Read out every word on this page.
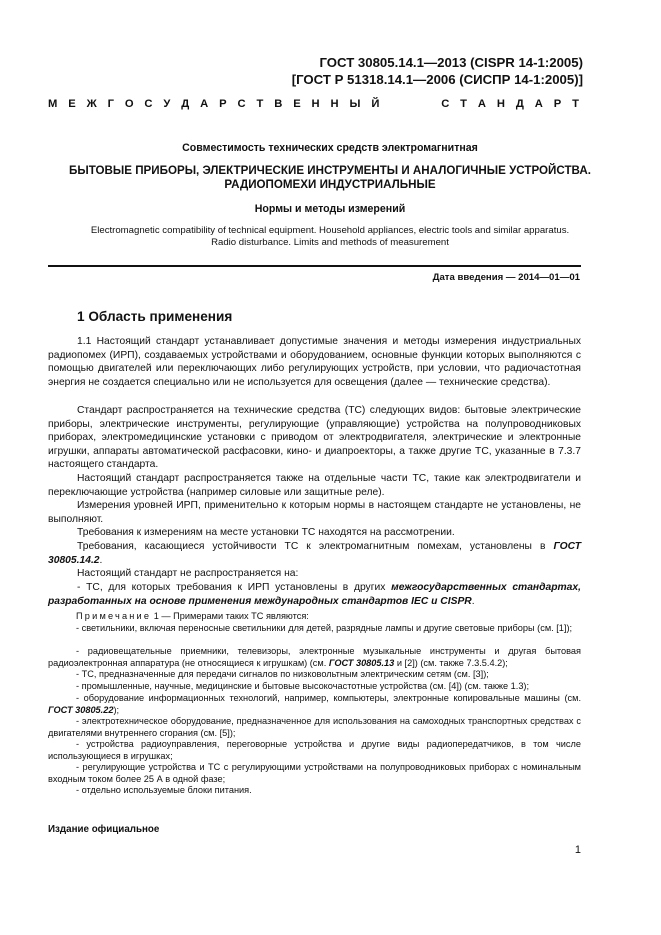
ГОСТ 30805.14.1—2013 (CISPR 14-1:2005)
[ГОСТ Р 51318.14.1—2006 (СИСПР 14-1:2005)]
М Е Ж Г О С У Д А Р С Т В Е Н Н Ы Й	С Т А Н Д А Р Т
Совместимость технических средств электромагнитная
БЫТОВЫЕ ПРИБОРЫ, ЭЛЕКТРИЧЕСКИЕ ИНСТРУМЕНТЫ И АНАЛОГИЧНЫЕ УСТРОЙСТВА.
РАДИОПОМЕХИ ИНДУСТРИАЛЬНЫЕ
Нормы и методы измерений
Electromagnetic compatibility of technical equipment. Household appliances, electric tools and similar apparatus.
Radio disturbance. Limits and methods of measurement
Дата введения — 2014—01—01
1 Область применения
1.1 Настоящий стандарт устанавливает допустимые значения и методы измерения индустриальных радиопомех (ИРП), создаваемых устройствами и оборудованием, основные функции которых выполняются с помощью двигателей или переключающих либо регулирующих устройств, при условии, что радиочастотная энергия не создается специально или не используется для освещения (далее — технические средства).
Стандарт распространяется на технические средства (ТС) следующих видов: бытовые электрические приборы, электрические инструменты, регулирующие (управляющие) устройства на полупроводниковых приборах, электромедицинские установки с приводом от электродвигателя, электрические и электронные игрушки, аппараты автоматической расфасовки, кино- и диапроекторы, а также другие ТС, указанные в 7.3.7 настоящего стандарта.
Настоящий стандарт распространяется также на отдельные части ТС, такие как электродвигатели и переключающие устройства (например силовые или защитные реле).
Измерения уровней ИРП, применительно к которым нормы в настоящем стандарте не установлены, не выполняют.
Требования к измерениям на месте установки ТС находятся на рассмотрении.
Требования, касающиеся устойчивости ТС к электромагнитным помехам, установлены в ГОСТ 30805.14.2.
Настоящий стандарт не распространяется на:
- ТС, для которых требования к ИРП установлены в других межгосударственных стандартах, разработанных на основе применения международных стандартов IEC и CISPR.
Примечание 1 — Примерами таких ТС являются:
- светильники, включая переносные светильники для детей, разрядные лампы и другие световые приборы (см. [1]);
- радиовещательные приемники, телевизоры, электронные музыкальные инструменты и другая бытовая радиоэлектронная аппаратура (не относящиеся к игрушкам) (см. ГОСТ 30805.13 и [2]) (см. также 7.3.5.4.2);
- ТС, предназначенные для передачи сигналов по низковольтным электрическим сетям (см. [3]);
- промышленные, научные, медицинские и бытовые высокочастотные устройства (см. [4]) (см. также 1.3);
- оборудование информационных технологий, например, компьютеры, электронные копировальные машины (см. ГОСТ 30805.22);
- электротехническое оборудование, предназначенное для использования на самоходных транспортных средствах с двигателями внутреннего сгорания (см. [5]);
- устройства радиоуправления, переговорные устройства и другие виды радиопередатчиков, в том числе использующиеся в игрушках;
- регулирующие устройства и ТС с регулирующими устройствами на полупроводниковых приборах с номинальным входным током более 25 А в одной фазе;
- отдельно используемые блоки питания.
Издание официальное
1
